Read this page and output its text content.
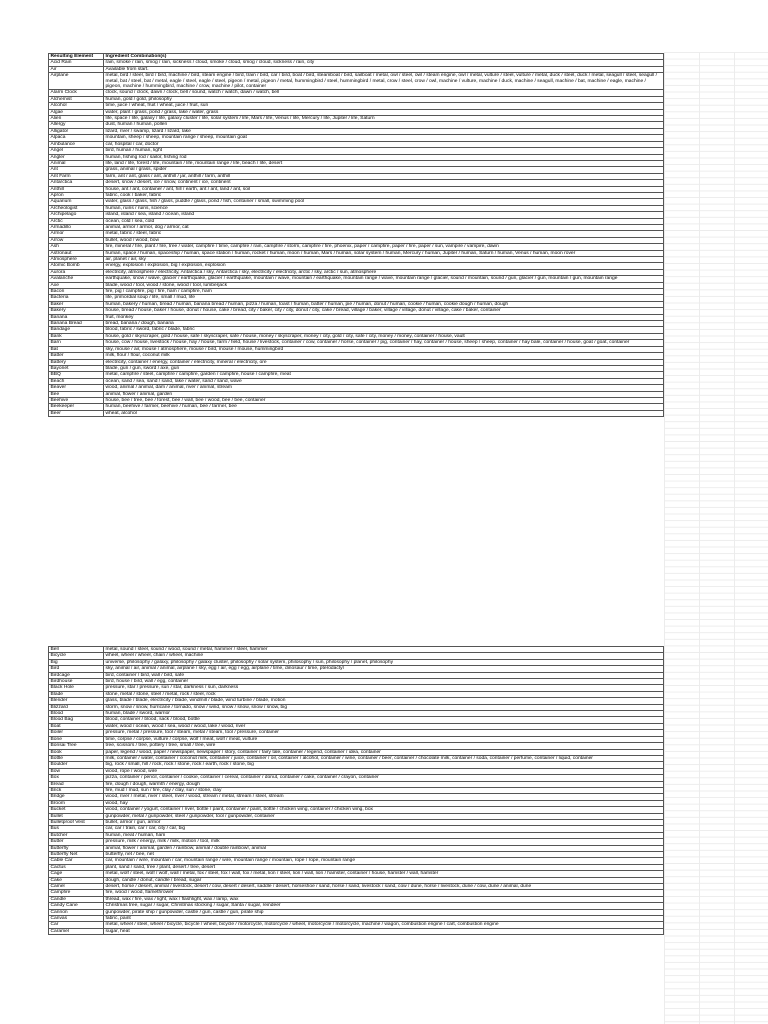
Resulting Element	Ingredient Combination(s)
Acid Rain	rain, smoke / rain, smog / rain, sickness / cloud, smoke / cloud, smog / cloud, sickness / rain, city
Air	Available from start.
Airplane	metal, bird / steel, bird / bird, machine / bird, steam engine / bird, train / bird, car / bird, boat / bird, steamboat / bird, sailboat / metal, owl / steel, owl / steam engine, owl / metal, vulture / steel, vulture / metal, duck / steel, duck / metal, seagull / steel, seagull / metal, bat / steel, bat / metal, eagle / steel, eagle / steel, pigeon / metal, pigeon / metal, hummingbird / steel, hummingbird / metal, crow / steel, crow / owl, machine / vulture, machine / duck, machine / seagull, machine / bat, machine / eagle, machine / pigeon, machine / hummingbird, machine / crow, machine / pilot, container
Alarm Clock	clock, sound / clock, dawn / clock, bell / sound, watch / watch, dawn / watch, bell
Alchemist	human, gold / gold, philosophy
Alcohol	time, juice / wheat, fruit / wheat, juice / fruit, sun
Algae	water, plant / grass, pond / grass, lake / water, grass
Alien	life, space / life, galaxy / life, galaxy cluster / life, solar system / life, Mars / life, Venus / life, Mercury / life, Jupiter / life, Saturn
Allergy	dust, human / human, pollen
Alligator	lizard, river / swamp, lizard / lizard, lake
Alpaca	mountain, sheep / sheep, mountain range / sheep, mountain goat
Ambulance	car, hospital / car, doctor
Angel	bird, human / human, light
Angler	human, fishing rod / sailor, fishing rod
Animal	life, land / life, forest / life, mountain / life, mountain range / life, beach / life, desert
Ant	grass, animal / grass, spider
Ant Farm	farm, ant / ant, glass / ant, anthill / jar, anthill / farm, anthill
Antarctica	desert, snow / desert, ice / snow, continent / ice, continent
Anthill	house, ant / ant, container / ant, hill / earth, ant / ant, land / ant, soil
Apron	fabric, cook / baker, fabric
Aquarium	water, glass / glass, fish / glass, puddle / glass, pond / fish, container / small, swimming pool
Archeologist	human, ruins / ruins, science
Archipelago	island, island / sea, island / ocean, island
Arctic	ocean, cold / sea, cold
Armadillo	animal, armor / armor, dog / armor, cat
Armor	metal, fabric / steel, fabric
Arrow	bullet, wood / wood, bow
Ash	fire, mineral / fire, plant / fire, tree / water, campfire / time, campfire / rain, campfire / storm, campfire / fire, phoenix, paper / campfire, paper / fire, paper / sun, vampire / vampire, dawn
Astronaut	human, space / human, spaceship / human, space station / human, rocket / human, moon / human, Mars / human, solar system / human, Mercury / human, Jupiter / human, Saturn / human, Venus / human, moon rover
Atmosphere	air, planet / air, sky
Atomic Bomb	energy, explosion / explosion, big / explosion, explosion
Aurora	electricity, atmosphere / electricity, Antarctica / sky, Antarctica / sky, electricity / electricity, arctic / sky, arctic / sun, atmosphere
Avalanche	earthquake, snow / wave, glacier / earthquake, glacier / earthquake, mountain / wave, mountain / earthquake, mountain range / wave, mountain range / glacier, sound / mountain, sound / gun, glacier / gun, mountain / gun, mountain range
Axe	blade, wood / tool, wood / stone, wood / tool, lumberjack
Bacon	fire, pig / campfire, pig / fire, ham / campfire, ham
Bacteria	life, primordial soup / life, small / mud, life
Baker	human, bakery / human, bread / human, banana bread / human, pizza / human, toast / human, batter / human, pie / human, donut / human, cookie / human, cookie dough / human, dough
Bakery	house, bread / house, baker / house, donut / house, cake / bread, city / baker, city / city, donut / city, cake / bread, village / baker, village / village, donut / village, cake / baker, container
Banana	fruit, monkey
Banana Bread	bread, banana / dough, banana
Bandage	blood, fabric / sword, fabric / blade, fabric
Bank	house, gold / skyscraper, gold / house, safe / skyscraper, safe / house, money / skyscraper, money / city, gold / city, safe / city, money / money, container / house, vault
Barn	house, cow / house, livestock / house, hay / house, farm / field, house / livestock, container / cow, container / horse, container / pig, container / hay, container / house, sheep / sheep, container / hay bale, container / house, goat / goat, container
Bat	sky, mouse / air, mouse / atmosphere, mouse / bird, mouse / mouse, hummingbird
Batter	milk, flour / flour, coconut milk
Battery	electricity, container / energy, container / electricity, mineral / electricity, ore
Bayonet	blade, gun / gun, sword / axe, gun
BBQ	metal, campfire / steel, campfire / campfire, garden / campfire, house / campfire, meat
Beach	ocean, sand / sea, sand / sand, lake / water, sand / sand, wave
Beaver	wood, animal / animal, dam / animal, river / animal, stream
Bee	animal, flower / animal, garden
Beehive	house, bee / tree, bee / forest, bee / wall, bee / wood, bee / bee, container
Beekeeper	human, beehive / farmer, beehive / human, bee / farmer, bee
Beer	wheat, alcohol
Bell	metal, sound / steel, sound / wood, sound / metal, hammer / steel, hammer
Bicycle	wheel, wheel / wheel, chain / wheel, machine
Big	universe, philosophy / galaxy, philosophy / galaxy cluster, philosophy / solar system, philosophy / sun, philosophy / planet, philosophy
Bird	sky, animal / air, animal / animal, airplane / sky, egg / air, egg / egg, airplane / time, dinosaur / time, pterodactyl
Birdcage	bird, container / bird, wall / bird, safe
Birdhouse	bird, house / bird, wall / egg, container
Black Hole	pressure, star / pressure, sun / star, darkness / sun, darkness
Blade	stone, metal / stone, steel / metal, rock / steel, rock
Blender	glass, blade / blade, electricity / blade, windmill / blade, wind turbine / blade, motion
Blizzard	storm, snow / snow, hurricane / tornado, snow / wind, snow / snow, snow / snow, big
Blood	human, blade / sword, warrior
Blood Bag	blood, container / blood, sack / blood, bottle
Boat	water, wood / ocean, wood / sea, wood / wood, lake / wood, river
Boiler	pressure, metal / pressure, tool / steam, metal / steam, tool / pressure, container
Bone	time, corpse / corpse, vulture / corpse, wolf / meat, wolf / meat, vulture
Bonsai Tree	tree, scissors / tree, pottery / tree, small / tree, wire
Book	paper, legend / wood, paper / newspaper, newspaper / story, container / fairy tale, container / legend, container / idea, container
Bottle	milk, container / water, container / coconut milk, container / juice, container / oil, container / alcohol, container / wine, container / beer, container / chocolate milk, container / soda, container / perfume, container / liquid, container
Boulder	big, rock / small, hill / rock, rock / stone, rock / earth, rock / stone, big
Bow	wood, rope / wood, wire
Box	pizza, container / pencil, container / cookie, container / cereal, container / donut, container / cake, container / crayon, container
Bread	fire, dough / dough, warmth / energy, dough
Brick	fire, mud / mud, sun / fire, clay / clay, sun / stone, clay
Bridge	wood, river / metal, river / steel, river / wood, stream / metal, stream / steel, stream
Broom	wood, hay
Bucket	wood, container / yogurt, container / river, bottle / paint, container / paint, bottle / chicken wing, container / chicken wing, box
Bullet	gunpowder, metal / gunpowder, steel / gunpowder, tool / gunpowder, container
Bulletproof Vest	bullet, armor / gun, armor
Bus	car, car / train, car / car, city / car, big
Butcher	human, meat / human, ham
Butter	pressure, milk / energy, milk / milk, motion / tool, milk
Butterfly	animal, flower / animal, garden / rainbow, animal / double rainbow!, animal
Butterfly Net	butterfly, net / bee, net
Cable Car	car, mountain / wire, mountain / car, mountain range / wire, mountain range / mountain, rope / rope, mountain range
Cactus	plant, sand / sand, tree / plant, desert / tree, desert
Cage	metal, wolf / steel, wolf / wolf, wall / metal, fox / steel, fox / wall, fox / metal, lion / steel, lion / wall, lion / hamster, container / house, hamster / wall, hamster
Cake	dough, candle / donut, candle / bread, sugar
Camel	desert, horse / desert, animal / livestock, desert / cow, desert / desert, saddle / desert, horseshoe / sand, horse / sand, livestock / sand, cow / dune, horse / livestock, dune / cow, dune / animal, dune
Campfire	fire, wood / wood, flamethrower
Candle	thread, wax / fire, wax / light, wax / flashlight, wax / lamp, wax
Candy Cane	Christmas tree, sugar / sugar, Christmas stocking / sugar, Santa / sugar, reindeer
Cannon	gunpowder, pirate ship / gunpowder, castle / gun, castle / gun, pirate ship
Canvas	fabric, paint
Car	metal, wheel / steel, wheel / bicycle, bicycle / wheel, bicycle / motorcycle, motorcycle / wheel, motorcycle / motorcycle, machine / wagon, combustion engine / cart, combustion engine
Caramel	sugar, heat
